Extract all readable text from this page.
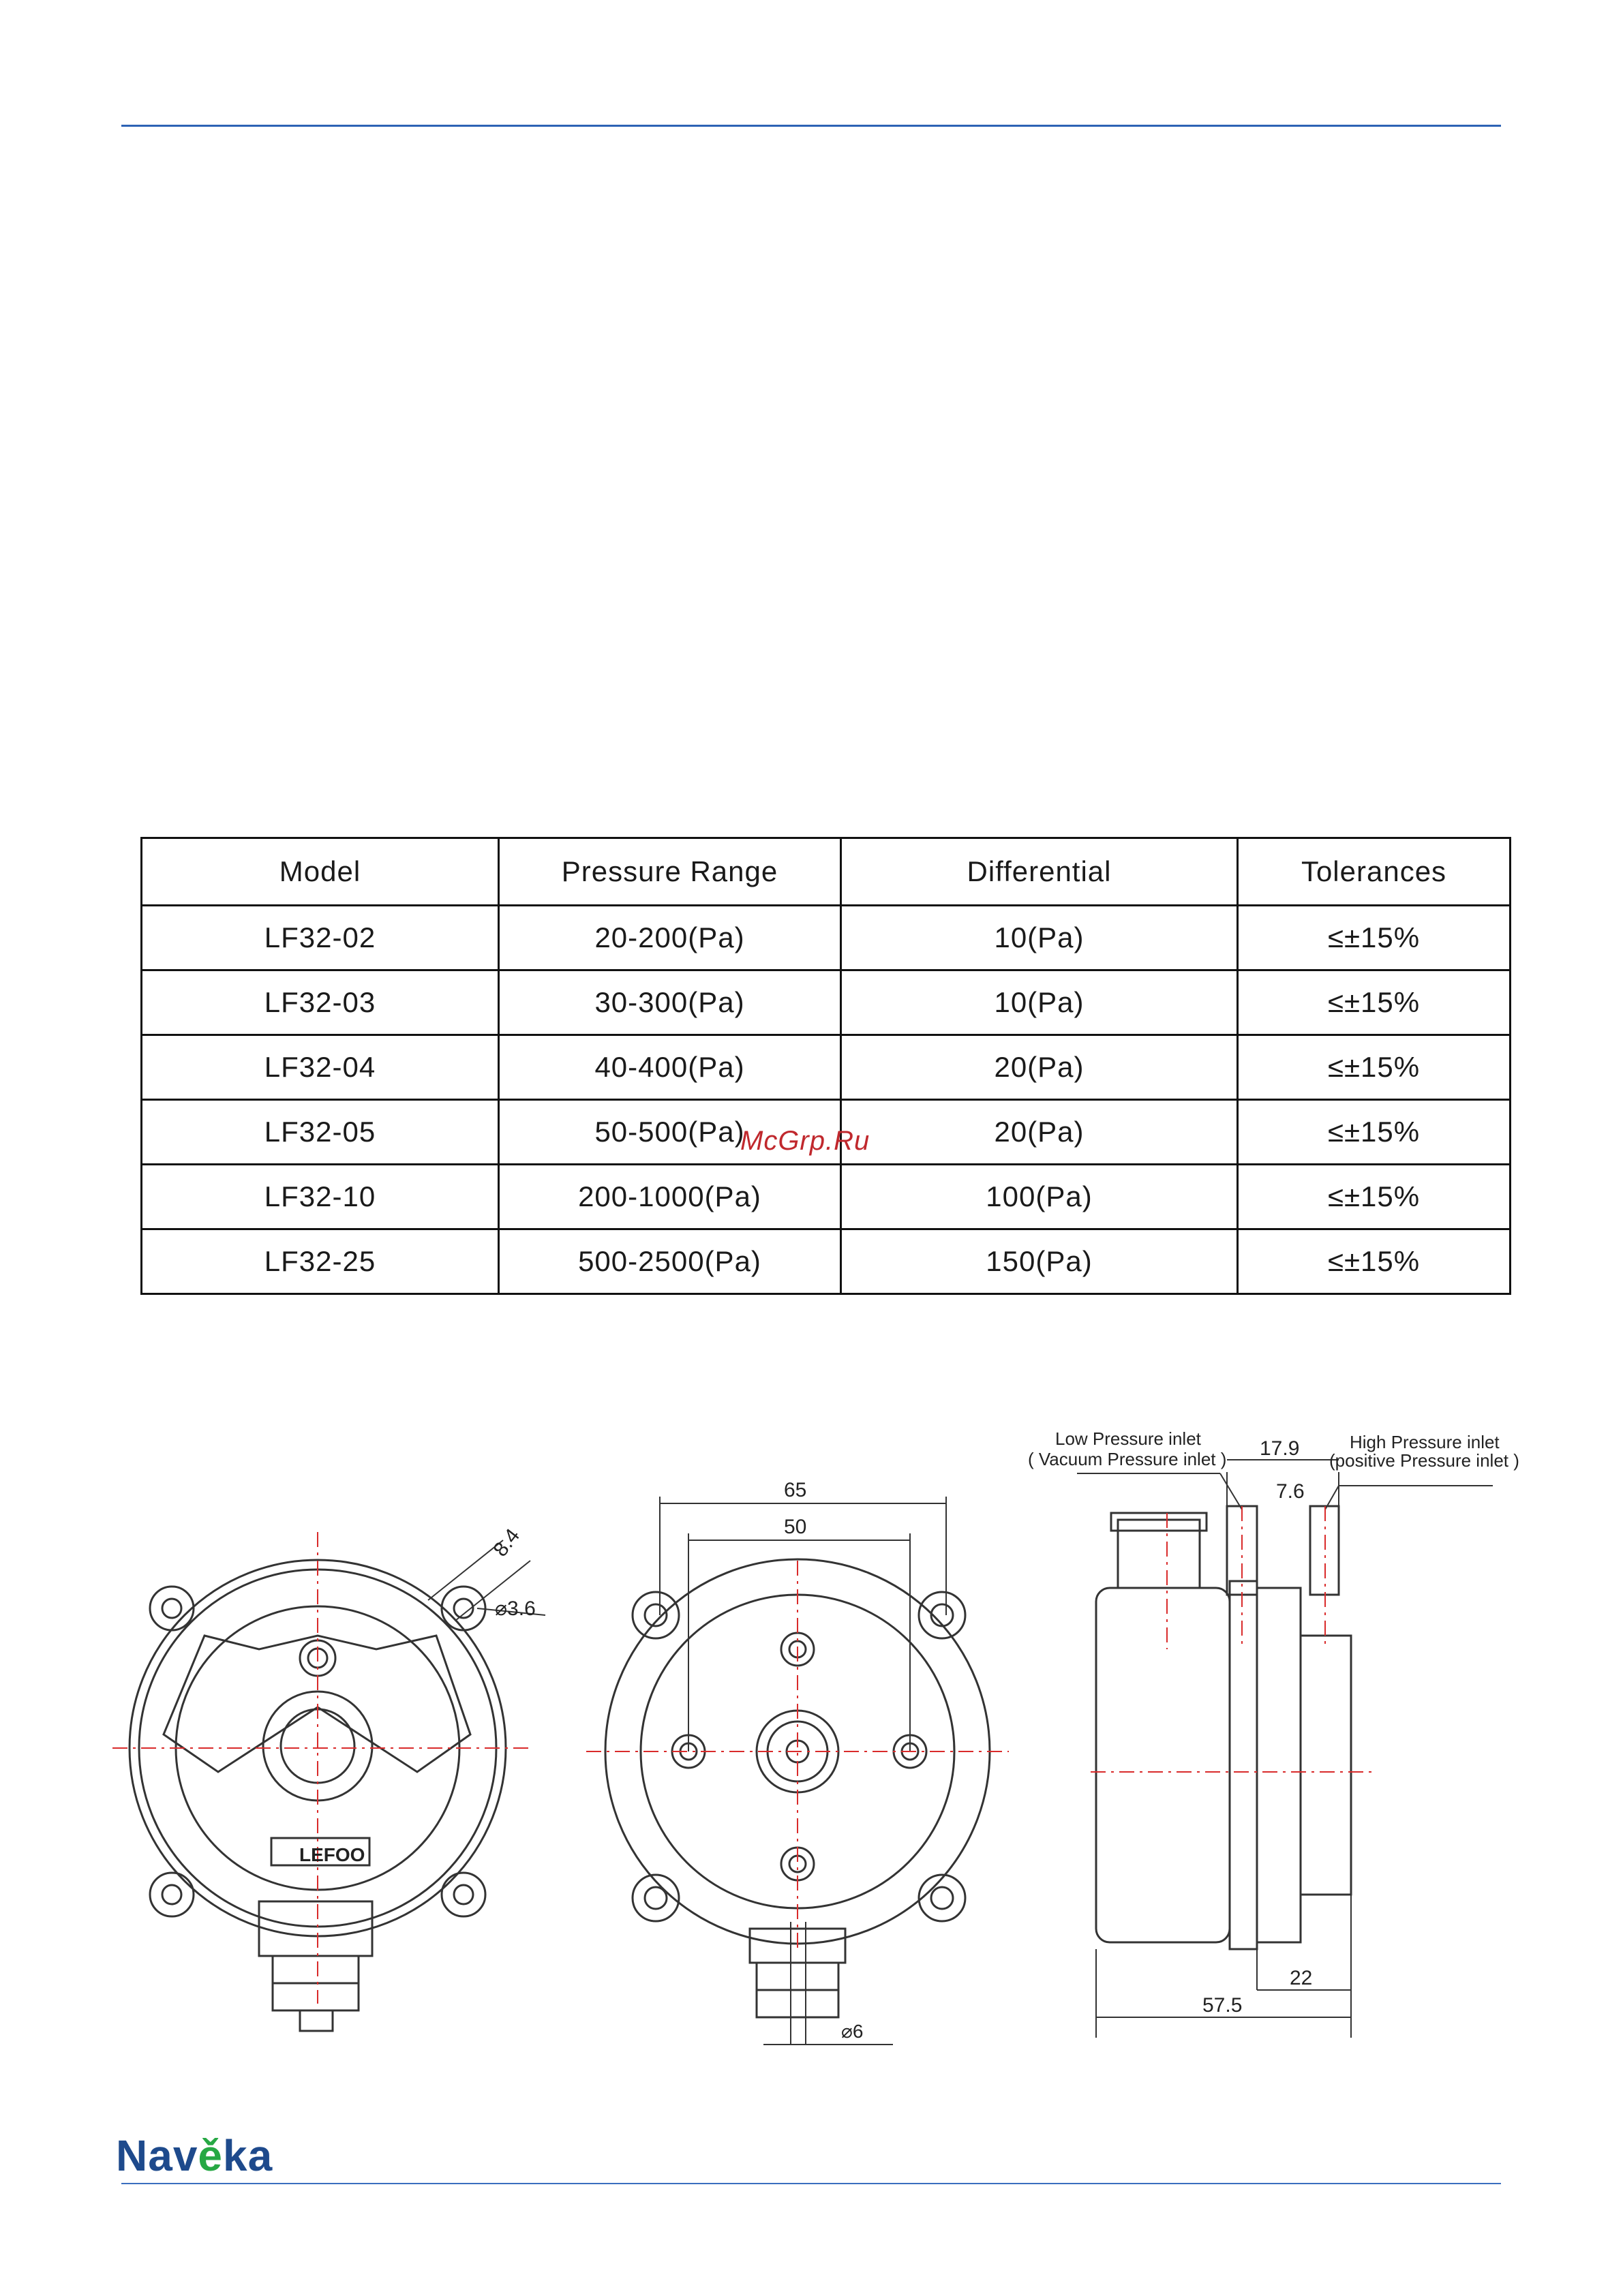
Model	Pressure Range	Differential	Tolerances
LF32-02	20-200(Pa)	10(Pa)	≤±15%
LF32-03	30-300(Pa)	10(Pa)	≤±15%
LF32-04	40-400(Pa)	20(Pa)	≤±15%
LF32-05	50-500(Pa)	20(Pa)	≤±15%
LF32-10	200-1000(Pa)	100(Pa)	≤±15%
LF32-25	500-2500(Pa)	150(Pa)	≤±15%
McGrp.Ru
LEFOO
8.4
⌀3.6
65
50
⌀6
Low Pressure inlet
( Vacuum Pressure inlet )
High Pressure inlet
(positive Pressure inlet )
17.9
7.6
22
57.5
Navěka
